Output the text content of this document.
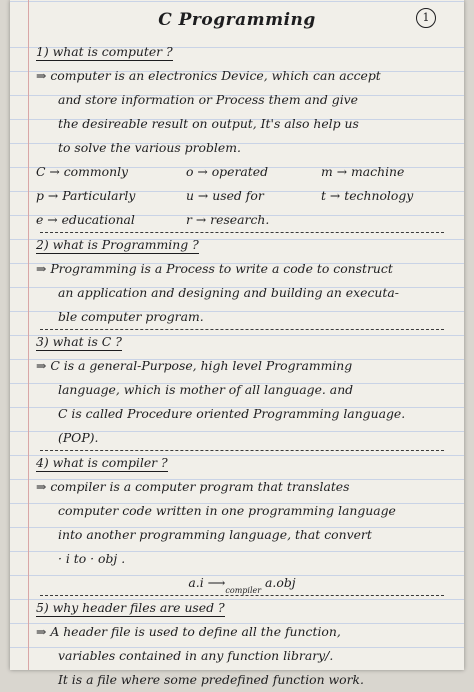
C Programming	1
1) what is computer ?
⇒ computer is an electronics Device, which can accept
and store information or Process them and give
the desireable result on output, It's also help us
to solve the various problem.
C → commonly	o → operated	m → machine
p → Particularly	u → used for	t → technology
e → educational	r → research.
2) what is Programming ?
⇒ Programming is a Process to write a code to construct
an application and designing and building an executa-
ble computer program.
3) what is C ?
⇒ C is a general-Purpose, high level Programming
language, which is mother of all language. and
C is called Procedure oriented Programming language.
(POP).
4) what is compiler ?
⇒ compiler is a computer program that translates
computer code written in one programming language
into another programming language, that convert
· i to · obj .
a.i $⟶_{compiler}$ a.obj
5) why header files are used ?
⇒ A header file is used to define all the function,
variables contained in any function library/.
It is a file where some predefined function work.
